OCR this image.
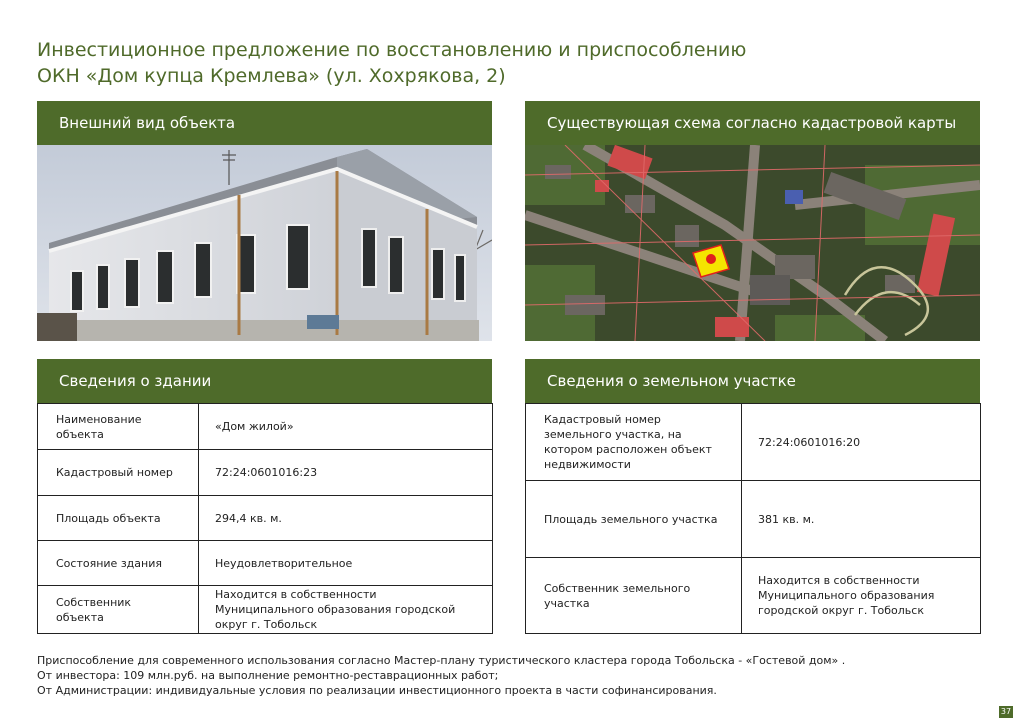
Инвестиционное предложение по восстановлению и приспособлению
ОКН «Дом купца Кремлева» (ул. Хохрякова, 2)
Внешний вид объекта	Существующая схема согласно кадастровой карты
Сведения о здании
Наименование объекта	«Дом жилой»
Кадастровый номер	72:24:0601016:23
Площадь объекта	294,4 кв. м.
Состояние здания	Неудовлетворительное
Собственник объекта	Находится в собственности Муниципального образования городской округ г. Тобольск
Сведения о земельном участке
Кадастровый номер земельного участка, на котором расположен объект недвижимости	72:24:0601016:20
Площадь земельного участка	381 кв. м.
Собственник земельного участка	Находится в собственности Муниципального образования городской округ г. Тобольск
Приспособление для современного использования согласно Мастер-плану туристического кластера города Тобольска - «Гостевой дом» .
От инвестора: 109 млн.руб. на выполнение ремонтно-реставрационных работ;
От Администрации: индивидуальные условия по реализации инвестиционного проекта в части софинансирования.
37
